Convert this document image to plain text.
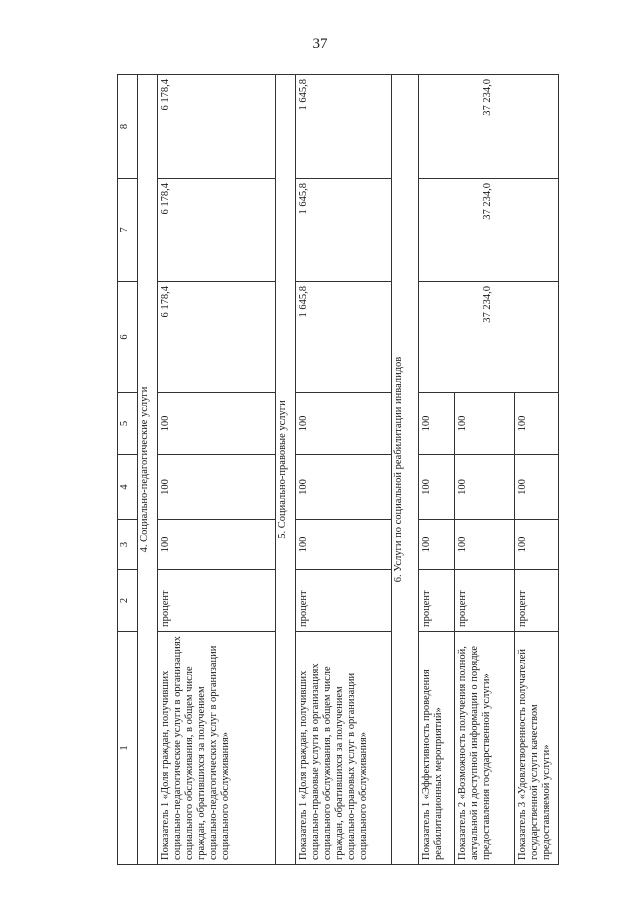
37
1	2	3	4	5	6	7	8
4. Социально-педагогические услуги							
Показатель 1 «Доля граждан, получивших социально-педагогические услуги в организациях социального обслуживания, в общем числе граждан, обратившихся за получением социально-педагогических услуг в организации социального обслуживания»	процент	100	100	100	6 178,4	6 178,4	6 178,4
5. Социально-правовые услуги							
Показатель 1 «Доля граждан, получивших социально-правовые услуги в организациях социального обслуживания, в общем числе граждан, обратившихся за получением социально-правовых услуг в организации социального обслуживания»	процент	100	100	100	1 645,8	1 645,8	1 645,8
6. Услуги по социальной реабилитации инвалидов							
Показатель 1 «Эффективность проведения реабилитационных мероприятий»	процент	100	100	100	37 234,0	37 234,0	37 234,0
Показатель 2 «Возможность получения полной, актуальной и доступной информации о порядке предоставления государственной услуги»	процент	100	100	100			
Показатель 3 «Удовлетворенность получателей государственной услуги качеством предоставляемой услуги»	процент	100	100	100			
